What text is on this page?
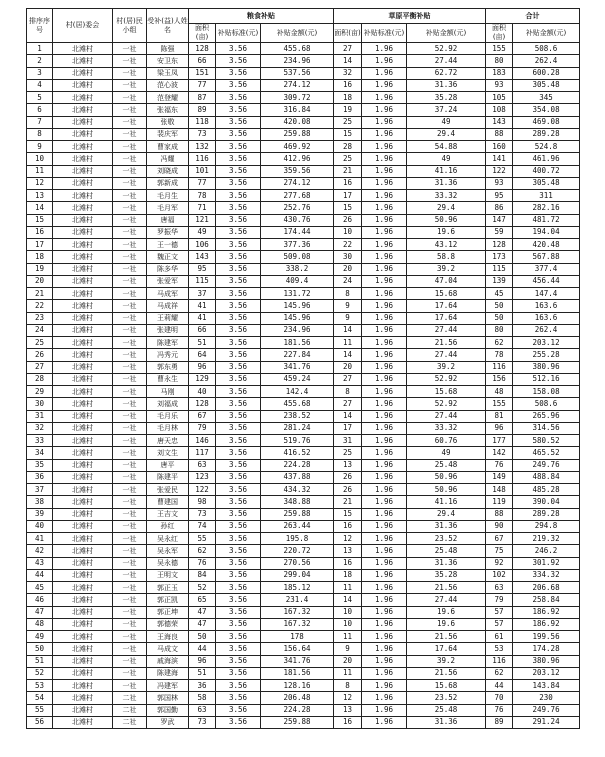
排序序号	村(居)委会	村(居)民小组	受补(益)人姓名	粮食补贴			草原平衡补贴			合计	
				面积(亩)	补贴标准(元)	补贴金额(元)	面积(亩)	补贴标准(元)	补贴金额(元)	面积(亩)	补贴金额(元)
1	北滩村	一社	陈强	128	3.56	455.68	27	1.96	52.92	155	508.6
2	北滩村	一社	安卫东	66	3.56	234.96	14	1.96	27.44	80	262.4
3	北滩村	一社	梁玉凤	151	3.56	537.56	32	1.96	62.72	183	600.28
4	北滩村	一社	范心波	77	3.56	274.12	16	1.96	31.36	93	305.48
5	北滩村	一社	范登耀	87	3.56	309.72	18	1.96	35.28	105	345
6	北滩村	一社	张福东	89	3.56	316.84	19	1.96	37.24	108	354.08
7	北滩村	一社	张敬	118	3.56	420.08	25	1.96	49	143	469.08
8	北滩村	一社	裴庆军	73	3.56	259.88	15	1.96	29.4	88	289.28
9	北滩村	一社	曹家成	132	3.56	469.92	28	1.96	54.88	160	524.8
10	北滩村	一社	冯耀	116	3.56	412.96	25	1.96	49	141	461.96
11	北滩村	一社	刘晓成	101	3.56	359.56	21	1.96	41.16	122	400.72
12	北滩村	一社	郭新成	77	3.56	274.12	16	1.96	31.36	93	305.48
13	北滩村	一社	毛月生	78	3.56	277.68	17	1.96	33.32	95	311
14	北滩村	一社	毛月军	71	3.56	252.76	15	1.96	29.4	86	282.16
15	北滩村	一社	唐福	121	3.56	430.76	26	1.96	50.96	147	481.72
16	北滩村	一社	罗振华	49	3.56	174.44	10	1.96	19.6	59	194.04
17	北滩村	一社	王一德	106	3.56	377.36	22	1.96	43.12	128	420.48
18	北滩村	一社	魏正文	143	3.56	509.08	30	1.96	58.8	173	567.88
19	北滩村	一社	陈多华	95	3.56	338.2	20	1.96	39.2	115	377.4
20	北滩村	一社	张爱军	115	3.56	409.4	24	1.96	47.04	139	456.44
21	北滩村	一社	马成军	37	3.56	131.72	8	1.96	15.68	45	147.4
22	北滩村	一社	马成祥	41	3.56	145.96	9	1.96	17.64	50	163.6
23	北滩村	一社	王莉耀	41	3.56	145.96	9	1.96	17.64	50	163.6
24	北滩村	一社	张建明	66	3.56	234.96	14	1.96	27.44	80	262.4
25	北滩村	一社	陈建军	51	3.56	181.56	11	1.96	21.56	62	203.12
26	北滩村	一社	冯秀元	64	3.56	227.84	14	1.96	27.44	78	255.28
27	北滩村	一社	郭东勇	96	3.56	341.76	20	1.96	39.2	116	380.96
28	北滩村	一社	曹永生	129	3.56	459.24	27	1.96	52.92	156	512.16
29	北滩村	一社	马刚	40	3.56	142.4	8	1.96	15.68	48	158.08
30	北滩村	一社	刘福成	128	3.56	455.68	27	1.96	52.92	155	508.6
31	北滩村	一社	毛月乐	67	3.56	238.52	14	1.96	27.44	81	265.96
32	北滩村	一社	毛月林	79	3.56	281.24	17	1.96	33.32	96	314.56
33	北滩村	一社	唐天忠	146	3.56	519.76	31	1.96	60.76	177	580.52
34	北滩村	一社	刘文生	117	3.56	416.52	25	1.96	49	142	465.52
35	北滩村	一社	唐平	63	3.56	224.28	13	1.96	25.48	76	249.76
36	北滩村	一社	陈建平	123	3.56	437.88	26	1.96	50.96	149	488.84
37	北滩村	一社	张爱民	122	3.56	434.32	26	1.96	50.96	148	485.28
38	北滩村	一社	曹建国	98	3.56	348.88	21	1.96	41.16	119	390.04
39	北滩村	一社	王吉文	73	3.56	259.88	15	1.96	29.4	88	289.28
40	北滩村	一社	孙红	74	3.56	263.44	16	1.96	31.36	90	294.8
41	北滩村	一社	吴永红	55	3.56	195.8	12	1.96	23.52	67	219.32
42	北滩村	一社	吴永军	62	3.56	220.72	13	1.96	25.48	75	246.2
43	北滩村	一社	吴永德	76	3.56	270.56	16	1.96	31.36	92	301.92
44	北滩村	一社	王明文	84	3.56	299.04	18	1.96	35.28	102	334.32
45	北滩村	一社	郭正玉	52	3.56	185.12	11	1.96	21.56	63	206.68
46	北滩村	一社	郭正凯	65	3.56	231.4	14	1.96	27.44	79	258.84
47	北滩村	一社	郭正坤	47	3.56	167.32	10	1.96	19.6	57	186.92
48	北滩村	一社	郭德荣	47	3.56	167.32	10	1.96	19.6	57	186.92
49	北滩村	一社	王海良	50	3.56	178	11	1.96	21.56	61	199.56
50	北滩村	一社	马成文	44	3.56	156.64	9	1.96	17.64	53	174.28
51	北滩村	一社	戚海滨	96	3.56	341.76	20	1.96	39.2	116	380.96
52	北滩村	一社	陈建海	51	3.56	181.56	11	1.96	21.56	62	203.12
53	北滩村	一社	冯建军	36	3.56	128.16	8	1.96	15.68	44	143.84
54	北滩村	二社	郭国林	58	3.56	206.48	12	1.96	23.52	70	230
55	北滩村	二社	郭国勤	63	3.56	224.28	13	1.96	25.48	76	249.76
56	北滩村	二社	罗武	73	3.56	259.88	16	1.96	31.36	89	291.24
